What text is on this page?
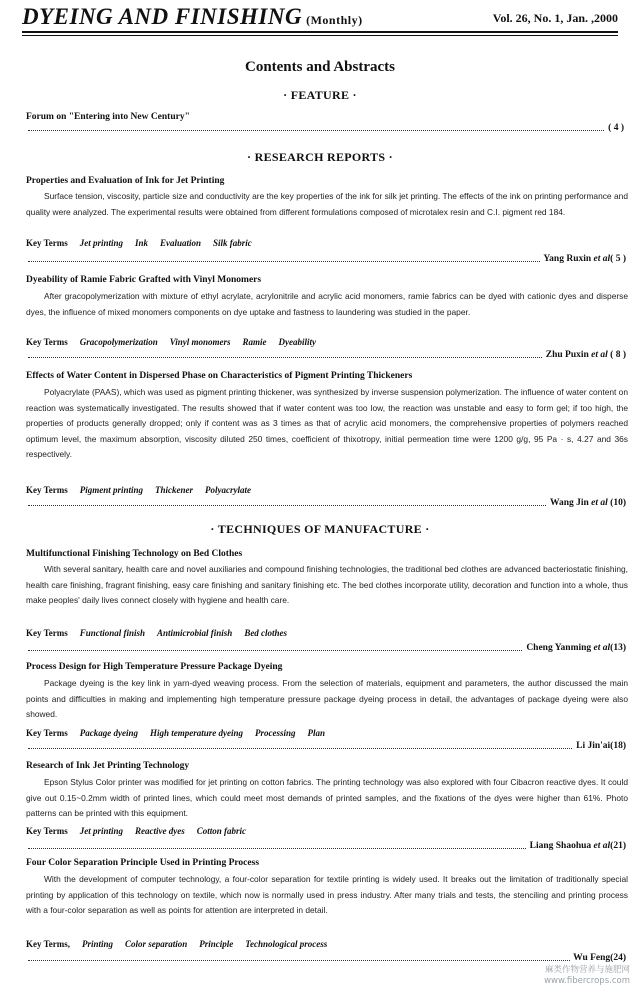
DYEING AND FINISHING (Monthly)	Vol. 26, No. 1, Jan. ,2000
Contents and Abstracts
· FEATURE ·
Forum on "Entering into New Century"
( 4 )
· RESEARCH REPORTS ·
Properties and Evaluation of Ink for Jet Printing
Surface tension, viscosity, particle size and conductivity are the key properties of the ink for silk jet printing. The effects of the ink on printing performance and quality were analyzed. The experimental results were obtained from different formulations composed of microtalex resin and C.I. pigment red 184.
Key Terms Jet printing Ink Evaluation Silk fabric
Yang Ruxin et al( 5 )
Dyeability of Ramie Fabric Grafted with Vinyl Monomers
After gracopolymerization with mixture of ethyl acrylate, acrylonitrile and acrylic acid monomers, ramie fabrics can be dyed with cationic dyes and disperse dyes, the influence of mixed monomers components on dye uptake and fastness to laundering was studied in the paper.
Key Terms Gracopolymerization Vinyl monomers Ramie Dyeability
Zhu Puxin et al ( 8 )
Effects of Water Content in Dispersed Phase on Characteristics of Pigment Printing Thickeners
Polyacrylate (PAAS), which was used as pigment printing thickener, was synthesized by inverse suspension polymerization. The influence of water content on reaction was systematically investigated. The results showed that if water content was too low, the reaction was unstable and easy to form gel; if too high, the properties of products generally dropped; only if content was as 3 times as that of acrylic acid monomers, the comprehensive properties of polymers reached optimum level, the maximum absorption, viscosity diluted 250 times, coefficient of thixotropy, initial permeation time were 1200 g/g, 95 Pa · s, 4.27 and 36s respectively.
Key Terms Pigment printing Thickener Polyacrylate
Wang Jin et al (10)
· TECHNIQUES OF MANUFACTURE ·
Multifunctional Finishing Technology on Bed Clothes
With several sanitary, health care and novel auxiliaries and compound finishing technologies, the traditional bed clothes are advanced bacteriostatic finishing, health care finishing, fragrant finishing, easy care finishing and sanitary finishing etc. The bed clothes incorporate utility, decoration and function into a whole, thus make peoples' daily lives connect closely with hygiene and health care.
Key Terms Functional finish Antimicrobial finish Bed clothes
Cheng Yanming et al(13)
Process Design for High Temperature Pressure Package Dyeing
Package dyeing is the key link in yarn-dyed weaving process. From the selection of materials, equipment and parameters, the author discussed the main points and difficulties in making and implementing high temperature pressure package dyeing process in detail, the advantages of package dyeing were also showed.
Key Terms Package dyeing High temperature dyeing Processing Plan
Li Jin'ai(18)
Research of Ink Jet Printing Technology
Epson Stylus Color printer was modified for jet printing on cotton fabrics. The printing technology was also explored with four Cibacron reactive dyes. It could give out 0.15~0.2mm width of printed lines, which could meet most demands of printed samples, and the fixations of the dyes were higher than 61%. Photo patterns can be printed with this equipment.
Key Terms Jet printing Reactive dyes Cotton fabric
Liang Shaohua et al(21)
Four Color Separation Principle Used in Printing Process
With the development of computer technology, a four-color separation for textile printing is widely used. It breaks out the limitation of traditionally special printing by application of this technology on textile, which now is normally used in press industry. After many trials and tests, the stenciling and printing process with a four-color separation as well as points for attention are interpreted in detail.
Key Terms, Printing Color separation Principle Technological process
Wu Feng(24)
麻类作物营养与施肥网
www.fibercrops.com
